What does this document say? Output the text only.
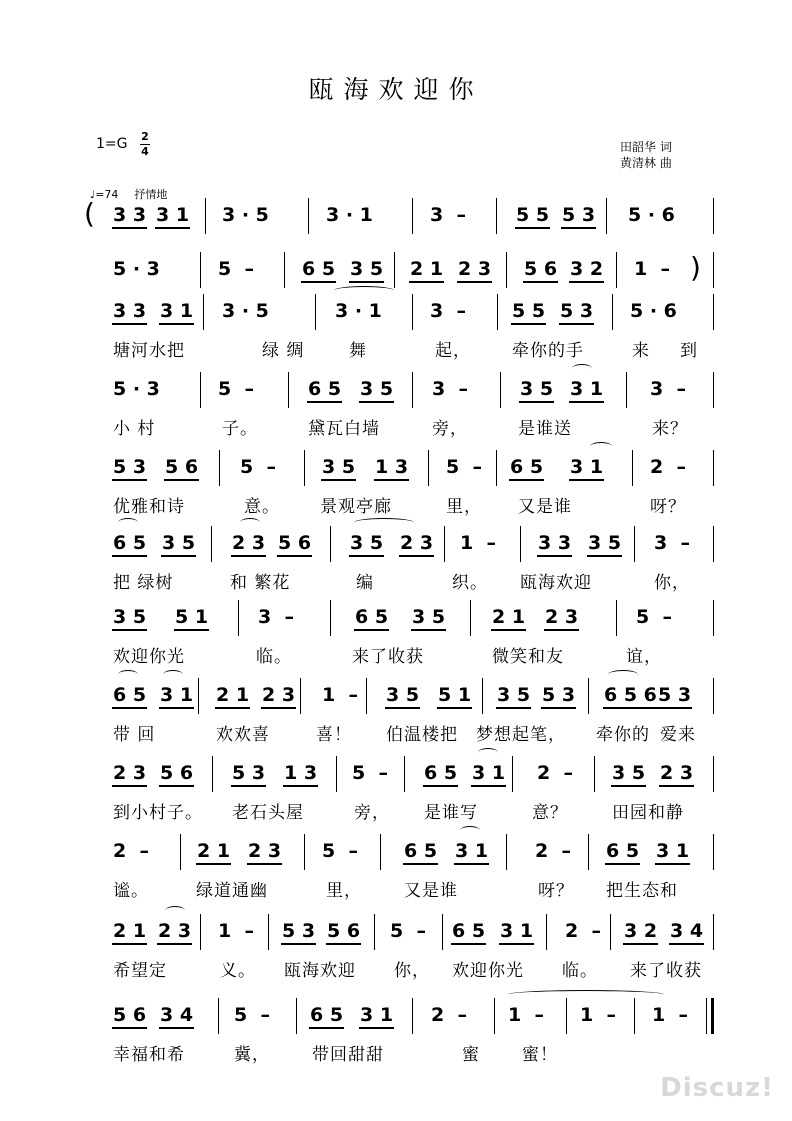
瓯海欢迎你
1=G 2
4	田韶华 词
黄清林 曲
♩=74 抒情地
3 3 3 1 3 · 5	3 · 1	3  –	5 5 5 3 5 · 6
(
5 · 3	5  –	6 5 3 5 2 1 2 3 5 6 3 2 1  – )
3 3 3 1 3 · 5	3 · 1	3  – 5 5 5 3 5 · 6
塘河水把	绿 绸	舞	起， 牵你的手	来 到
5 · 3	5  –	6 5 3 5 3  –	3 5 3 1 3  –
小 村	子。	黛瓦白墙	旁，	是谁送	来？
5 3 5 6 5  – 3 5 1 3 5  – 6 5 3 1 2  –
优雅和诗	意。 景观亭廊	里， 又是谁	呀？
6 5 3 5 2 3 5 6 3 5 2 3 1  – 3 3 3 5 3  –
把 绿树	和 繁花	编	织。 瓯海欢迎	你，
3 5 5 1	3  –	6 5 3 5 2 1 2 3	5  –
欢迎你光	临。	来了收获	微笑和友	谊，
6 5 3 1 2 1 2 3 1  – 3 5 5 1 3 5 5 3 6 5 6 5 3
带 回	欢欢喜	喜！ 伯温楼把 梦想起笔， 牵你的 爱来
2 3 5 6 5 3 1 3 5  – 6 5 3 1 2  – 3 5 2 3
到小村子。 老石头屋	旁， 是谁写	意？	田园和静
2  –	2 1 2 3 5  – 6 5 3 1 2  – 6 5 3 1
谧。	绿道通幽	里， 又是谁	呀？ 把生态和
2 1 2 3 1  – 5 3 5 6 5  – 6 5 3 1 2  – 3 2 3 4
希望定	义。 瓯海欢迎 你， 欢迎你光 临。 来了收获
5 6 3 4 5  – 6 5 3 1 2  – 1  – 1  – 1  –
幸福和希	冀， 带回甜甜	蜜 蜜！
Discuz!
